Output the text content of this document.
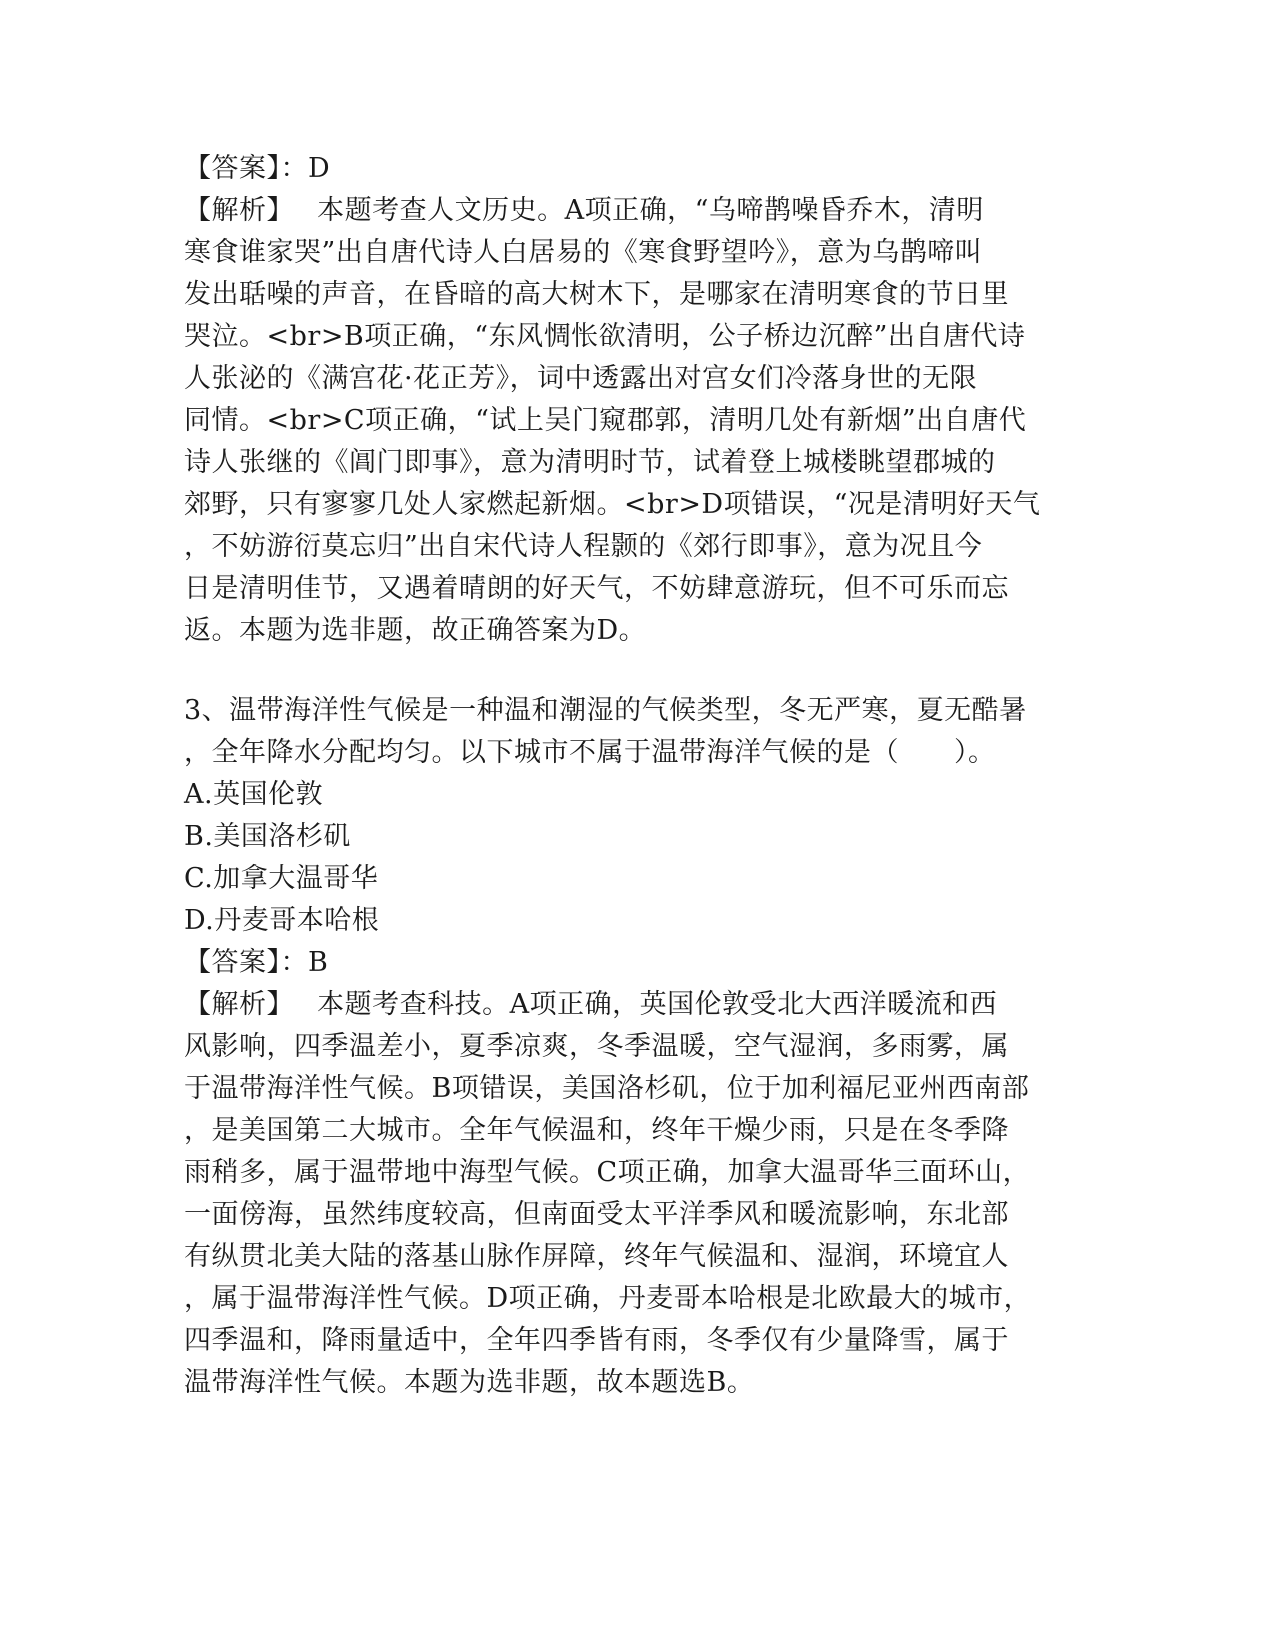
【答案】：D
【解析】　 本题考查人文历史。A项正确，“乌啼鹊噪昏乔木，清明
寒食谁家哭”出自唐代诗人白居易的《寒食野望吟》，意为乌鹊啼叫
发出聒噪的声音，在昏暗的高大树木下，是哪家在清明寒食的节日里
哭泣。<br>B项正确，“东风惆怅欲清明，公子桥边沉醉”出自唐代诗
人张泌的《满宫花·花正芳》，词中透露出对宫女们冷落身世的无限
同情。<br>C项正确，“试上吴门窥郡郭，清明几处有新烟”出自唐代
诗人张继的《阊门即事》，意为清明时节，试着登上城楼眺望郡城的
郊野，只有寥寥几处人家燃起新烟。<br>D项错误，“况是清明好天气
，不妨游衍莫忘归”出自宋代诗人程颢的《郊行即事》，意为况且今
日是清明佳节，又遇着晴朗的好天气，不妨肆意游玩，但不可乐而忘
返。本题为选非题，故正确答案为D。
3、温带海洋性气候是一种温和潮湿的气候类型，冬无严寒，夏无酷暑
，全年降水分配均匀。以下城市不属于温带海洋气候的是（　　）。
A.英国伦敦
B.美国洛杉矶
C.加拿大温哥华
D.丹麦哥本哈根
【答案】：B
【解析】　 本题考查科技。A项正确，英国伦敦受北大西洋暖流和西
风影响，四季温差小，夏季凉爽，冬季温暖，空气湿润，多雨雾，属
于温带海洋性气候。B项错误，美国洛杉矶，位于加利福尼亚州西南部
，是美国第二大城市。全年气候温和，终年干燥少雨，只是在冬季降
雨稍多，属于温带地中海型气候。C项正确，加拿大温哥华三面环山，
一面傍海，虽然纬度较高，但南面受太平洋季风和暖流影响，东北部
有纵贯北美大陆的落基山脉作屏障，终年气候温和、湿润，环境宜人
，属于温带海洋性气候。D项正确，丹麦哥本哈根是北欧最大的城市，
四季温和，降雨量适中，全年四季皆有雨，冬季仅有少量降雪，属于
温带海洋性气候。本题为选非题，故本题选B。
